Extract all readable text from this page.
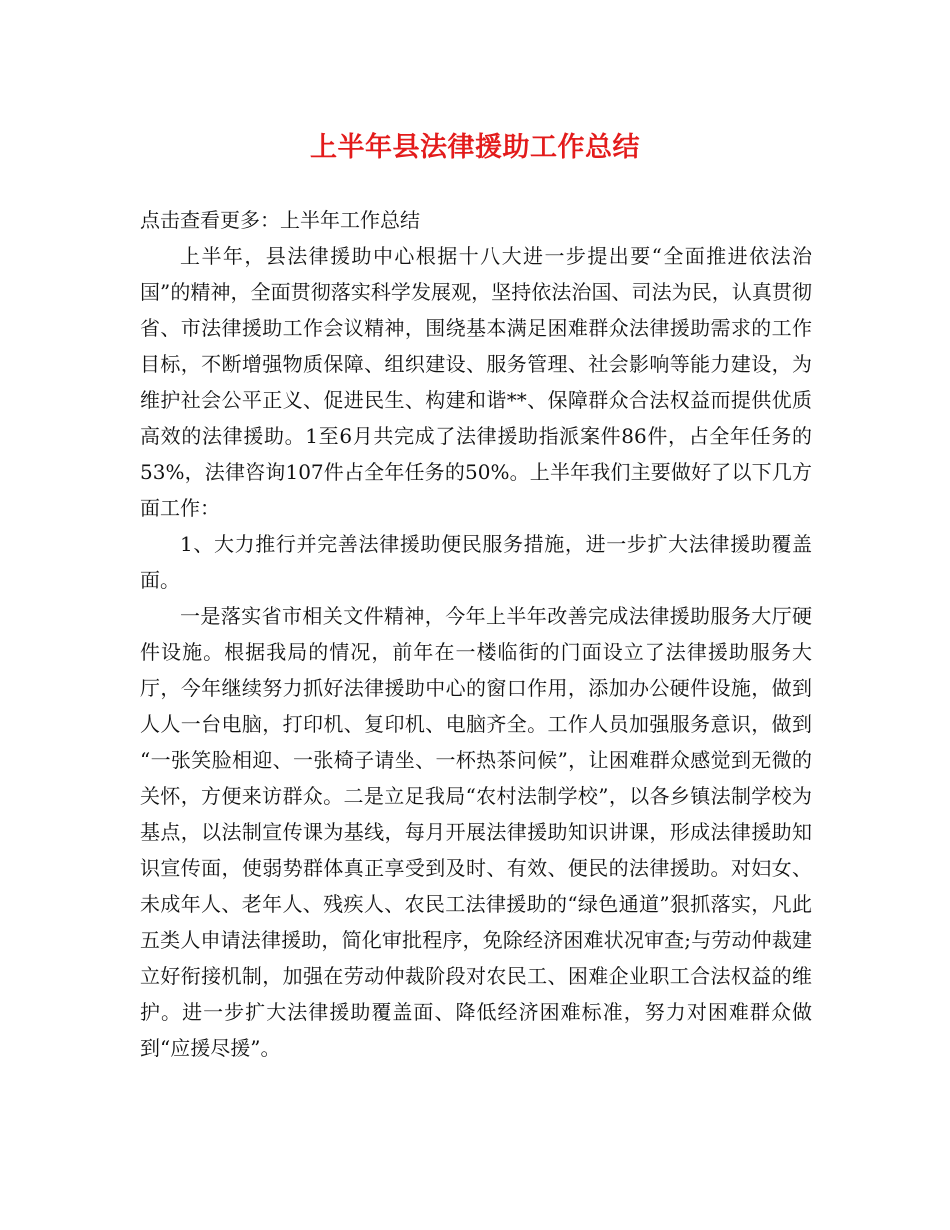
上半年县法律援助工作总结

点击查看更多：上半年工作总结

上半年，县法律援助中心根据十八大进一步提出要“全面推进依法治国”的精神，全面贯彻落实科学发展观，坚持依法治国、司法为民，认真贯彻省、市法律援助工作会议精神，围绕基本满足困难群众法律援助需求的工作目标，不断增强物质保障、组织建设、服务管理、社会影响等能力建设，为维护社会公平正义、促进民生、构建和谐**、保障群众合法权益而提供优质高效的法律援助。1至6月共完成了法律援助指派案件86件，占全年任务的53%，法律咨询107件占全年任务的50%。上半年我们主要做好了以下几方面工作：

1、大力推行并完善法律援助便民服务措施，进一步扩大法律援助覆盖面。

一是落实省市相关文件精神，今年上半年改善完成法律援助服务大厅硬件设施。根据我局的情况，前年在一楼临街的门面设立了法律援助服务大厅，今年继续努力抓好法律援助中心的窗口作用，添加办公硬件设施，做到人人一台电脑，打印机、复印机、电脑齐全。工作人员加强服务意识，做到 “一张笑脸相迎、一张椅子请坐、一杯热茶问候”，让困难群众感觉到无微的关怀，方便来访群众。二是立足我局“农村法制学校”，以各乡镇法制学校为基点，以法制宣传课为基线，每月开展法律援助知识讲课，形成法律援助知识宣传面，使弱势群体真正享受到及时、有效、便民的法律援助。对妇女、未成年人、老年人、残疾人、农民工法律援助的“绿色通道”狠抓落实，凡此五类人申请法律援助，简化审批程序，免除经济困难状况审查;与劳动仲裁建立好衔接机制，加强在劳动仲裁阶段对农民工、困难企业职工合法权益的维护。进一步扩大法律援助覆盖面、降低经济困难标准，努力对困难群众做到“应援尽援”。
